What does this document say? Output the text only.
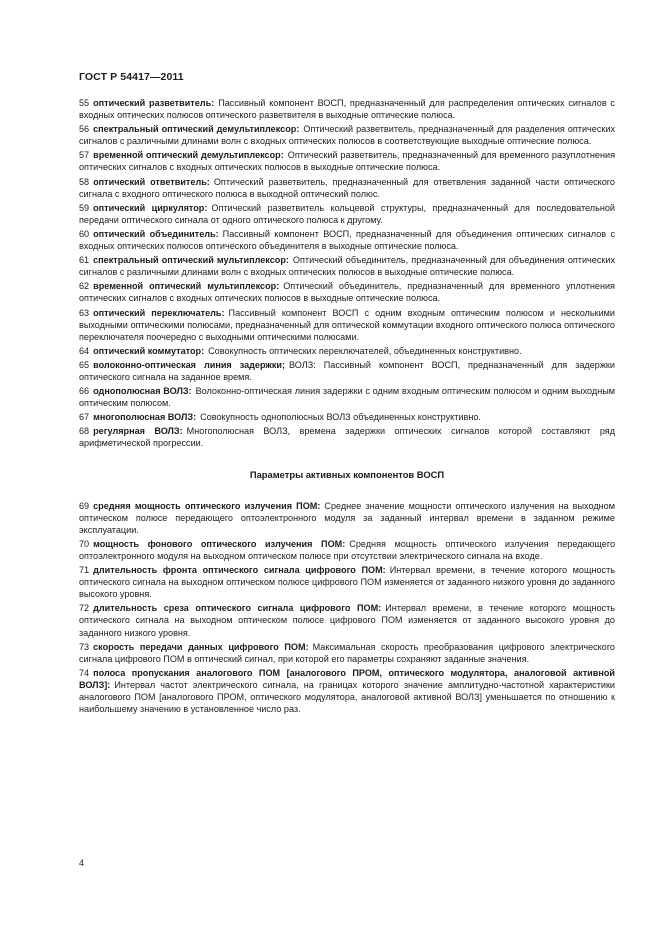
ГОСТ Р 54417—2011
55 оптический разветвитель: Пассивный компонент ВОСП, предназначенный для распределения оптических сигналов с входных оптических полюсов оптического разветвителя в выходные оптические полюса.
56 спектральный оптический демультиплексор: Оптический разветвитель, предназначенный для разделения оптических сигналов с различными длинами волн с входных оптических полюсов в соответствующие выходные оптические полюса.
57 временной оптический демультиплексор: Оптический разветвитель, предназначенный для временного разуплотнения оптических сигналов с входных оптических полюсов в выходные оптические полюса.
58 оптический ответвитель: Оптический разветвитель, предназначенный для ответвления заданной части оптического сигнала с входного оптического полюса в выходной оптический полюс.
59 оптический циркулятор: Оптический разветвитель кольцевой структуры, предназначенный для последовательной передачи оптического сигнала от одного оптического полюса к другому.
60 оптический объединитель: Пассивный компонент ВОСП, предназначенный для объединения оптических сигналов с входных оптических полюсов оптического объединителя в выходные оптические полюса.
61 спектральный оптический мультиплексор: Оптический объединитель, предназначенный для объединения оптических сигналов с различными длинами волн с входных оптических полюсов в выходные оптические полюса.
62 временной оптический мультиплексор: Оптический объединитель, предназначенный для временного уплотнения оптических сигналов с входных оптических полюсов в выходные оптические полюса.
63 оптический переключатель: Пассивный компонент ВОСП с одним входным оптическим полюсом и несколькими выходными оптическими полюсами, предназначенный для оптической коммутации входного оптического полюса оптического переключателя поочередно с выходными оптическими полюсами.
64 оптический коммутатор: Совокупность оптических переключателей, объединенных конструктивно.
65 волоконно-оптическая линия задержки; ВОЛЗ: Пассивный компонент ВОСП, предназначенный для задержки оптического сигнала на заданное время.
66 однополюсная ВОЛЗ: Волоконно-оптическая линия задержки с одним входным оптическим полюсом и одним выходным оптическим полюсом.
67 многополюсная ВОЛЗ: Совокупность однополюсных ВОЛЗ объединенных конструктивно.
68 регулярная ВОЛЗ: Многополюсная ВОЛЗ, времена задержки оптических сигналов которой составляют ряд арифметической прогрессии.
Параметры активных компонентов ВОСП
69 средняя мощность оптического излучения ПОМ: Среднее значение мощности оптического излучения на выходном оптическом полюсе передающего оптоэлектронного модуля за заданный интервал времени в заданном режиме эксплуатации.
70 мощность фонового оптического излучения ПОМ: Средняя мощность оптического излучения передающего оптоэлектронного модуля на выходном оптическом полюсе при отсутствии электрического сигнала на входе.
71 длительность фронта оптического сигнала цифрового ПОМ: Интервал времени, в течение которого мощность оптического сигнала на выходном оптическом полюсе цифрового ПОМ изменяется от заданного низкого уровня до заданного высокого уровня.
72 длительность среза оптического сигнала цифрового ПОМ: Интервал времени, в течение которого мощность оптического сигнала на выходном оптическом полюсе цифрового ПОМ изменяется от заданного высокого уровня до заданного низкого уровня.
73 скорость передачи данных цифрового ПОМ: Максимальная скорость преобразования цифрового электрического сигнала цифрового ПОМ в оптический сигнал, при которой его параметры сохраняют заданные значения.
74 полоса пропускания аналогового ПОМ [аналогового ПРОМ, оптического модулятора, аналоговой активной ВОЛЗ]: Интервал частот электрического сигнала, на границах которого значение амплитудно-частотной характеристики аналогового ПОМ [аналогового ПРОМ, оптического модулятора, аналоговой активной ВОЛЗ] уменьшается по отношению к наибольшему значению в установленное число раз.
4
